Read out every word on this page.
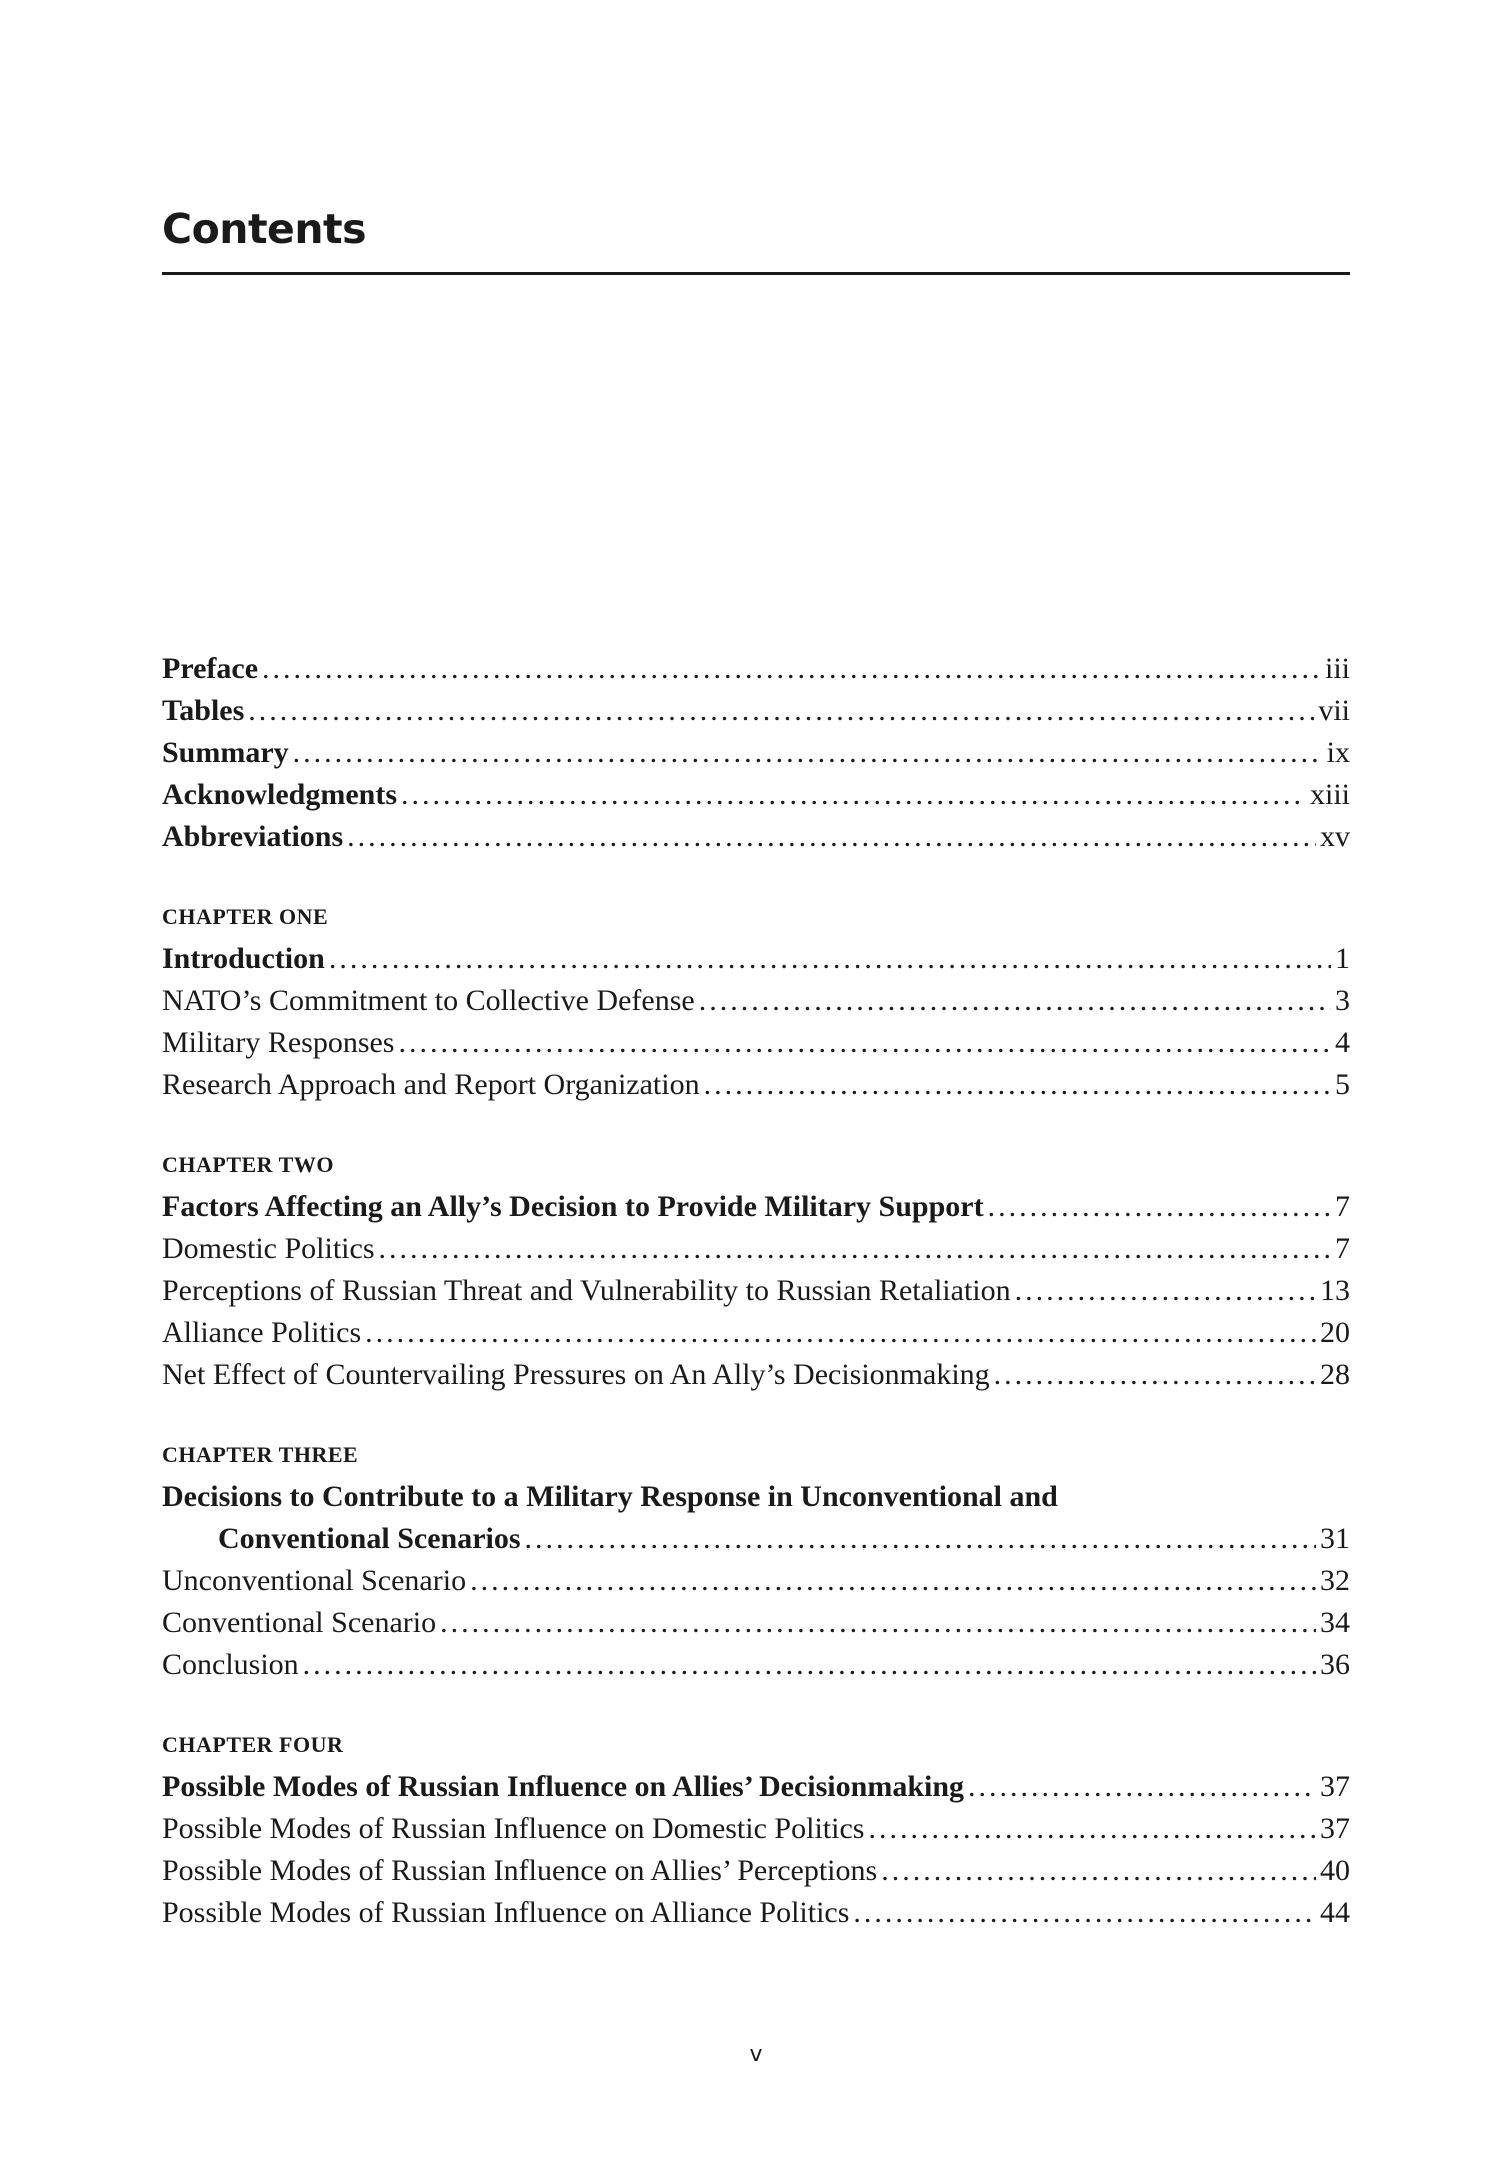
Contents
Preface .....	iii
Tables .....	vii
Summary .....	ix
Acknowledgments .....	xiii
Abbreviations .....	xv
CHAPTER ONE
Introduction .....	1
NATO’s Commitment to Collective Defense .....	3
Military Responses .....	4
Research Approach and Report Organization .....	5
CHAPTER TWO
Factors Affecting an Ally’s Decision to Provide Military Support .....	7
Domestic Politics .....	7
Perceptions of Russian Threat and Vulnerability to Russian Retaliation .....	13
Alliance Politics .....	20
Net Effect of Countervailing Pressures on An Ally’s Decisionmaking .....	28
CHAPTER THREE
Decisions to Contribute to a Military Response in Unconventional and
Conventional Scenarios .....	31
Unconventional Scenario .....	32
Conventional Scenario .....	34
Conclusion .....	36
CHAPTER FOUR
Possible Modes of Russian Influence on Allies’ Decisionmaking .....	37
Possible Modes of Russian Influence on Domestic Politics .....	37
Possible Modes of Russian Influence on Allies’ Perceptions .....	40
Possible Modes of Russian Influence on Alliance Politics .....	44
v
